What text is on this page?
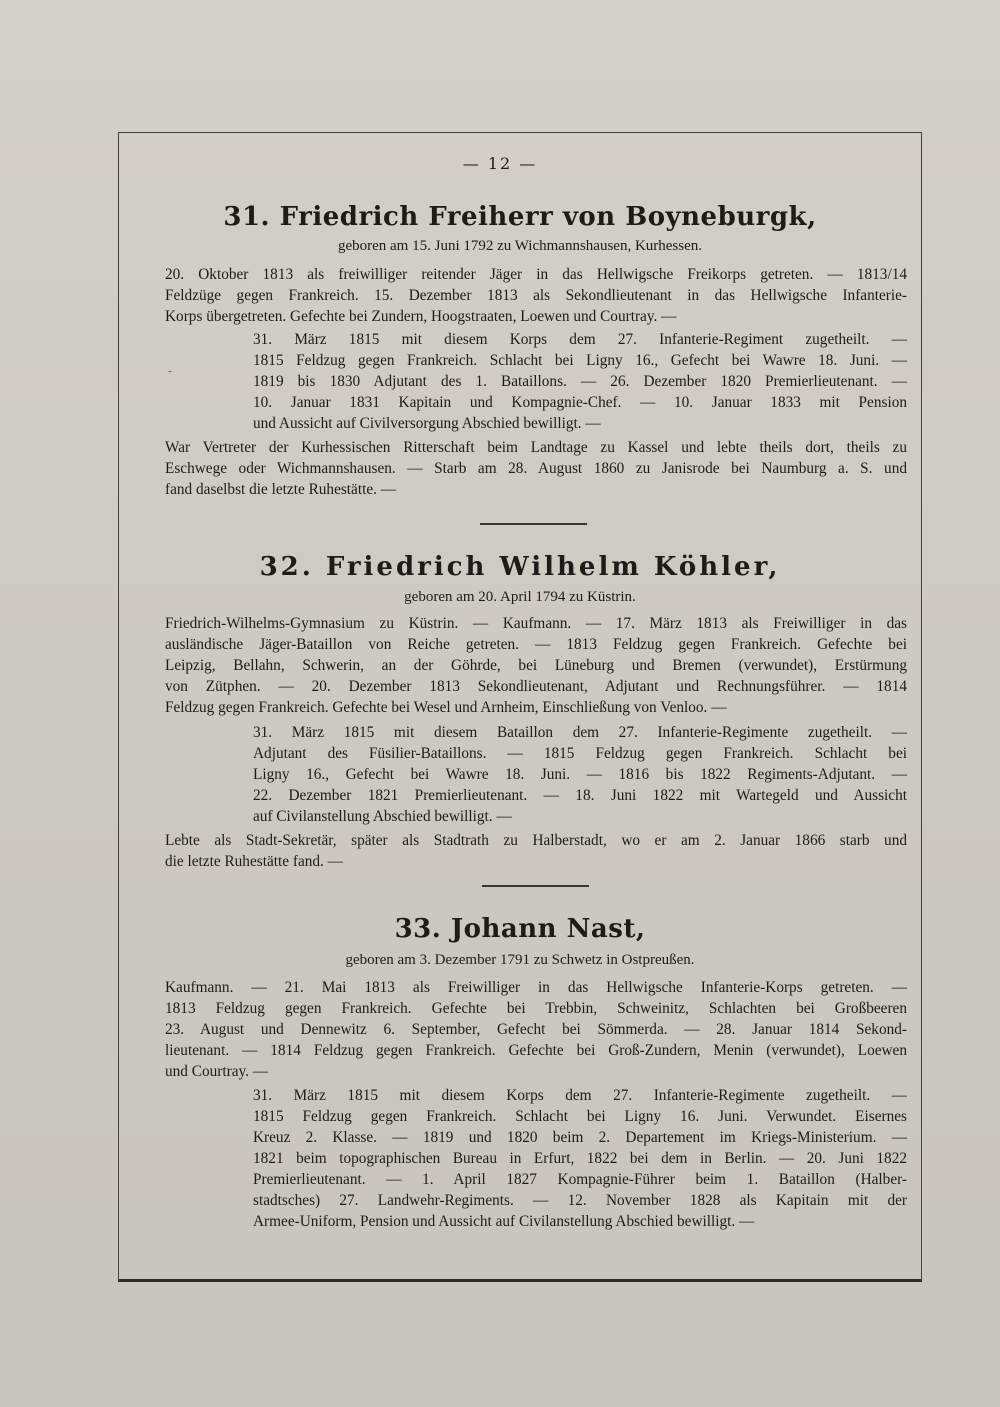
— 12 —
31. Friedrich Freiherr von Boyneburgk,
geboren am 15. Juni 1792 zu Wichmannshausen, Kurhessen.
20. Oktober 1813 als freiwilliger reitender Jäger in das Hellwigsche Freikorps getreten. — 1813/14
Feldzüge gegen Frankreich. 15. Dezember 1813 als Sekondlieutenant in das Hellwigsche Infanterie-
Korps übergetreten. Gefechte bei Zundern, Hoogstraaten, Loewen und Courtray. —
-
31. März 1815 mit diesem Korps dem 27. Infanterie-Regiment zugetheilt. —
1815 Feldzug gegen Frankreich. Schlacht bei Ligny 16., Gefecht bei Wawre 18. Juni. —
1819 bis 1830 Adjutant des 1. Bataillons. — 26. Dezember 1820 Premierlieutenant. —
10. Januar 1831 Kapitain und Kompagnie-Chef. — 10. Januar 1833 mit Pension
und Aussicht auf Civilversorgung Abschied bewilligt. —
War Vertreter der Kurhessischen Ritterschaft beim Landtage zu Kassel und lebte theils dort, theils zu
Eschwege oder Wichmannshausen. — Starb am 28. August 1860 zu Janisrode bei Naumburg a. S. und
fand daselbst die letzte Ruhestätte. —
32. Friedrich Wilhelm Köhler,
geboren am 20. April 1794 zu Küstrin.
Friedrich-Wilhelms-Gymnasium zu Küstrin. — Kaufmann. — 17. März 1813 als Freiwilliger in das
ausländische Jäger-Bataillon von Reiche getreten. — 1813 Feldzug gegen Frankreich. Gefechte bei
Leipzig, Bellahn, Schwerin, an der Göhrde, bei Lüneburg und Bremen (verwundet), Erstürmung
von Zütphen. — 20. Dezember 1813 Sekondlieutenant, Adjutant und Rechnungsführer. — 1814
Feldzug gegen Frankreich. Gefechte bei Wesel und Arnheim, Einschließung von Venloo. —
31. März 1815 mit diesem Bataillon dem 27. Infanterie-Regimente zugetheilt. —
Adjutant des Füsilier-Bataillons. — 1815 Feldzug gegen Frankreich. Schlacht bei
Ligny 16., Gefecht bei Wawre 18. Juni. — 1816 bis 1822 Regiments-Adjutant. —
22. Dezember 1821 Premierlieutenant. — 18. Juni 1822 mit Wartegeld und Aussicht
auf Civilanstellung Abschied bewilligt. —
Lebte als Stadt-Sekretär, später als Stadtrath zu Halberstadt, wo er am 2. Januar 1866 starb und
die letzte Ruhestätte fand. —
33. Johann Nast,
geboren am 3. Dezember 1791 zu Schwetz in Ostpreußen.
Kaufmann. — 21. Mai 1813 als Freiwilliger in das Hellwigsche Infanterie-Korps getreten. —
1813 Feldzug gegen Frankreich. Gefechte bei Trebbin, Schweinitz, Schlachten bei Großbeeren
23. August und Dennewitz 6. September, Gefecht bei Sömmerda. — 28. Januar 1814 Sekond-
lieutenant. — 1814 Feldzug gegen Frankreich. Gefechte bei Groß-Zundern, Menin (verwundet), Loewen
und Courtray. —
31. März 1815 mit diesem Korps dem 27. Infanterie-Regimente zugetheilt. —
1815 Feldzug gegen Frankreich. Schlacht bei Ligny 16. Juni. Verwundet. Eisernes
Kreuz 2. Klasse. — 1819 und 1820 beim 2. Departement im Kriegs-Ministerium. —
1821 beim topographischen Bureau in Erfurt, 1822 bei dem in Berlin. — 20. Juni 1822
Premierlieutenant. — 1. April 1827 Kompagnie-Führer beim 1. Bataillon (Halber-
stadtsches) 27. Landwehr-Regiments. — 12. November 1828 als Kapitain mit der
Armee-Uniform, Pension und Aussicht auf Civilanstellung Abschied bewilligt. —
